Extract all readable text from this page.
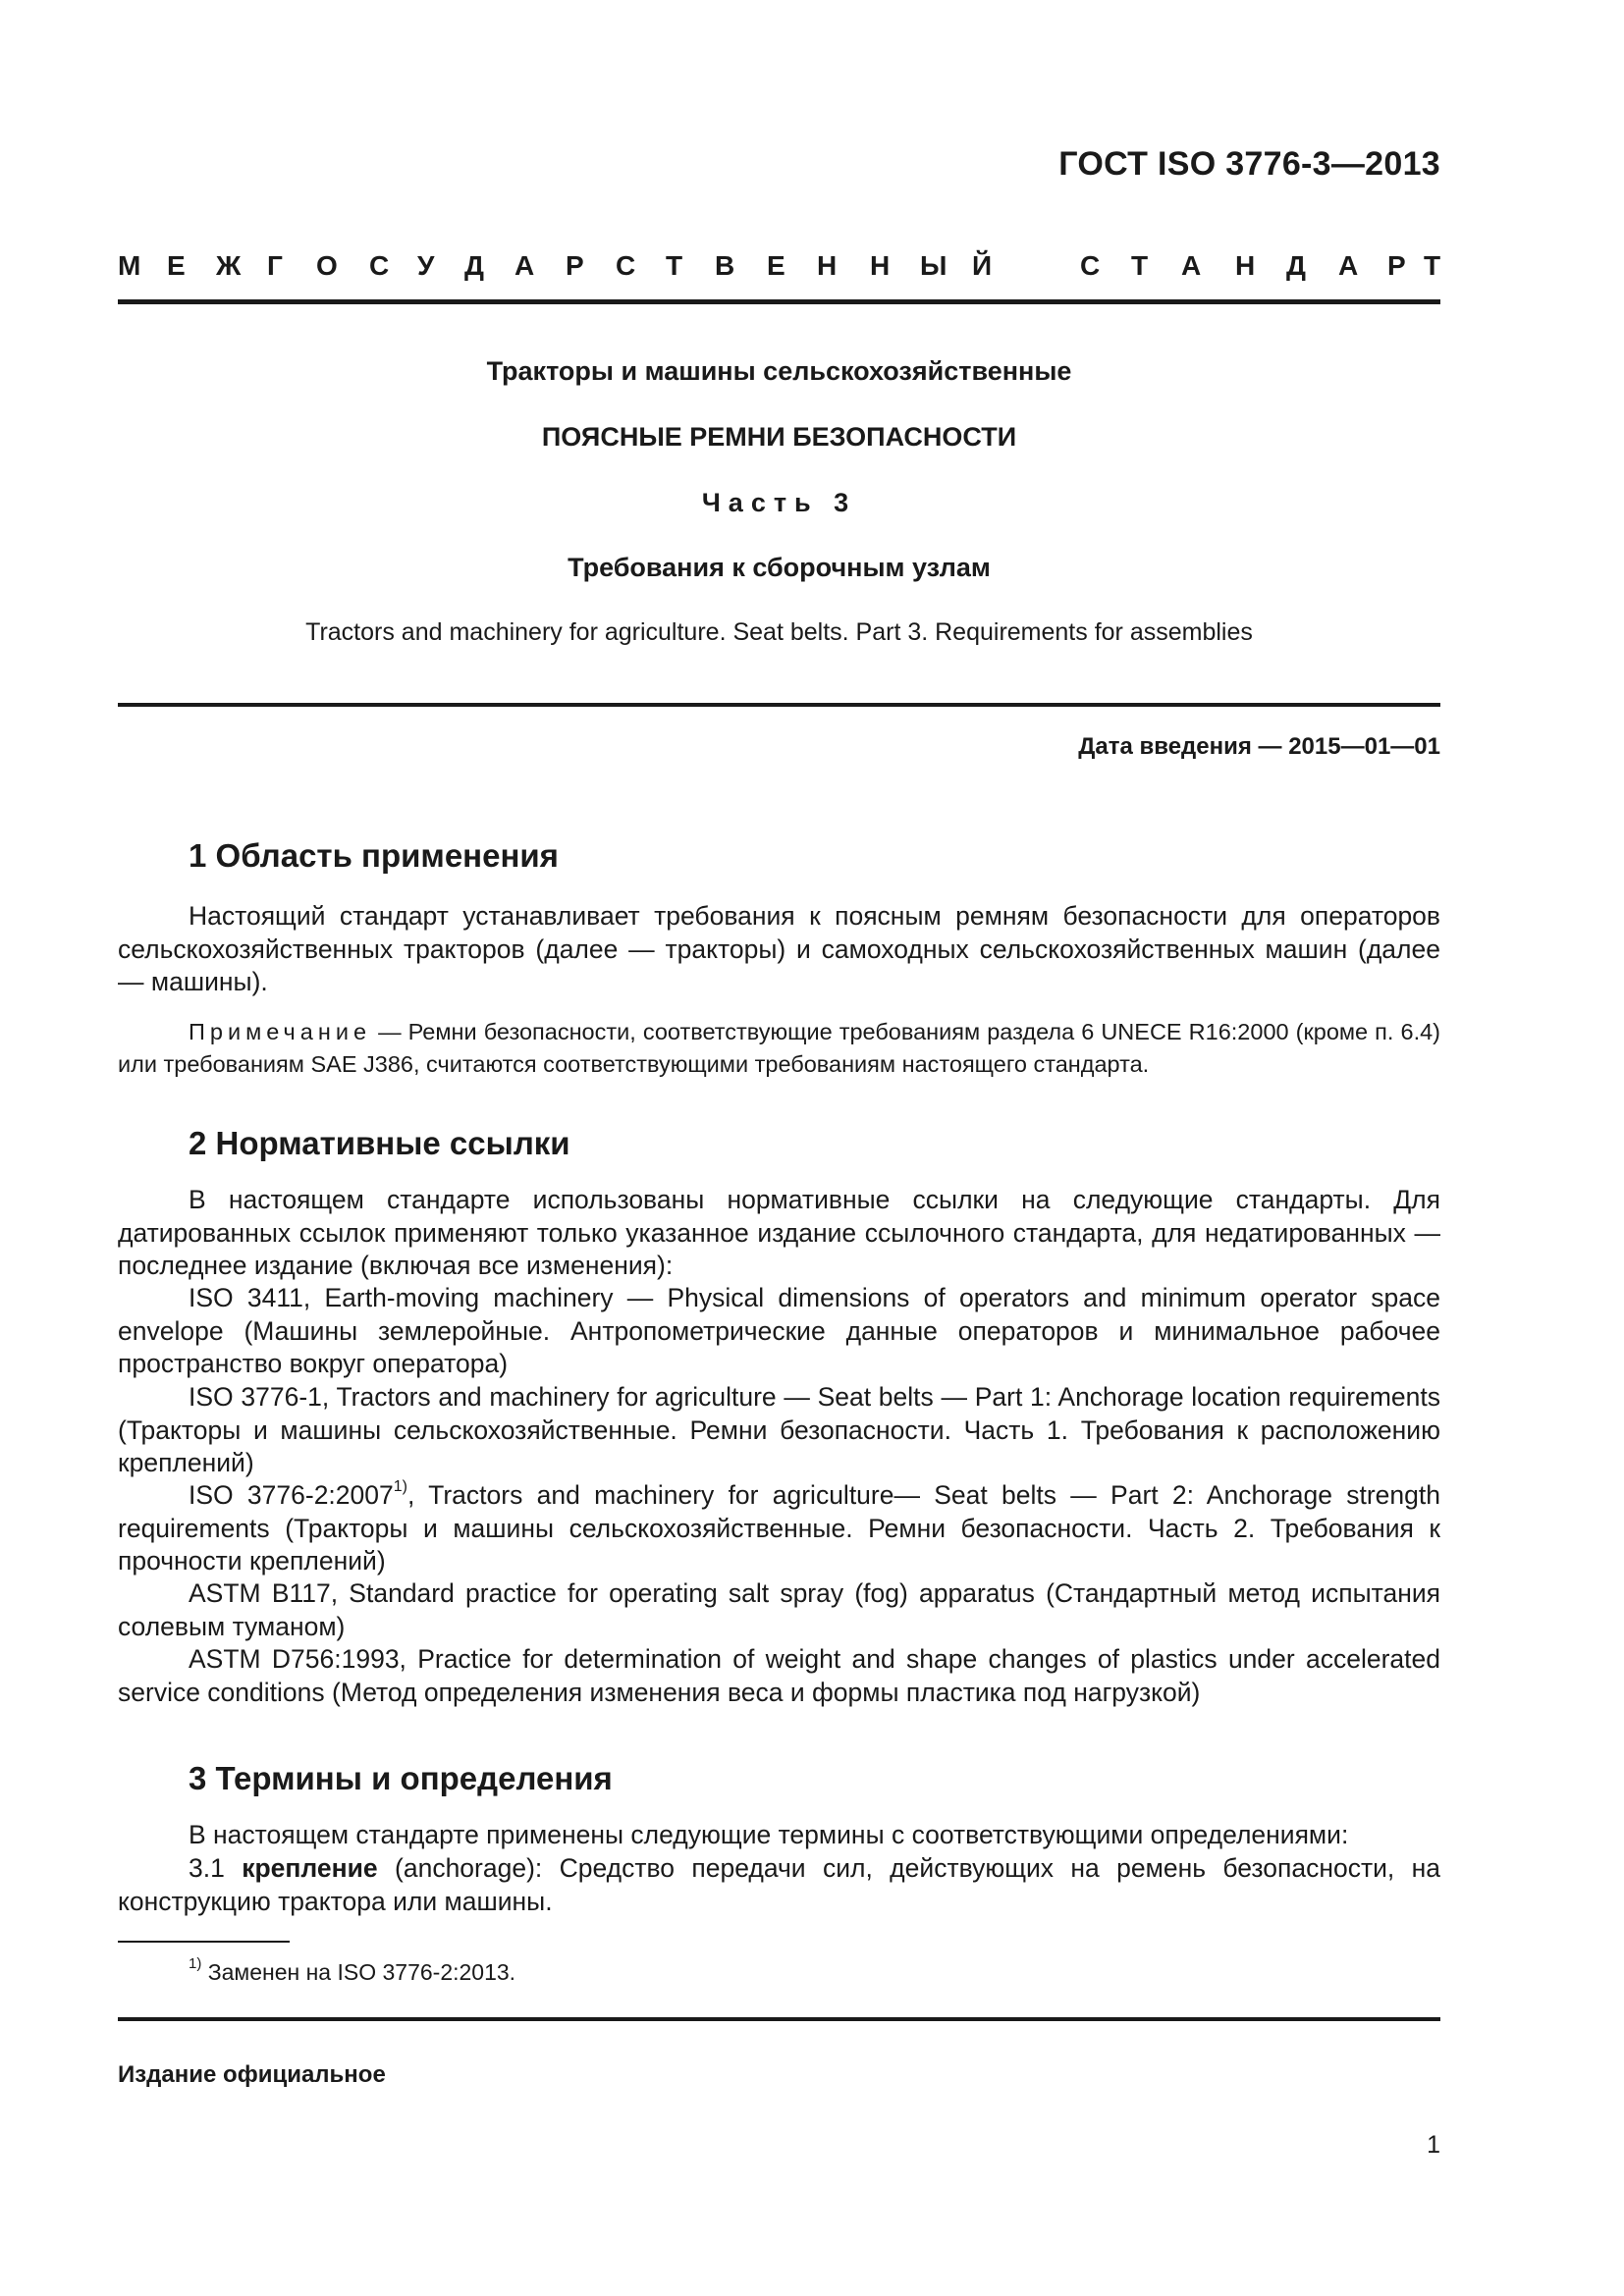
ГОСТ ISO 3776-3—2013
М Е Ж Г О С У Д А Р С Т В Е Н Н Ы Й	С Т А Н Д А Р Т
Тракторы и машины сельскохозяйственные
ПОЯСНЫЕ РЕМНИ БЕЗОПАСНОСТИ
Часть 3
Требования к сборочным узлам
Tractors and machinery for agriculture. Seat belts. Part 3. Requirements for assemblies
Дата введения — 2015—01—01
1 Область применения

Настоящий стандарт устанавливает требования к поясным ремням безопасности для операторов сельскохозяйственных тракторов (далее — тракторы) и самоходных сельскохозяйственных машин (далее — машины).

Примечание — Ремни безопасности, соответствующие требованиям раздела 6 UNECE R16:2000 (кроме п. 6.4) или требованиям SAE J386, считаются соответствующими требованиям настоящего стандарта.

2 Нормативные ссылки

В настоящем стандарте использованы нормативные ссылки на следующие стандарты. Для датированных ссылок применяют только указанное издание ссылочного стандарта, для недатированных — последнее издание (включая все изменения):

ISO 3411, Earth-moving machinery — Physical dimensions of operators and minimum operator space envelope (Машины землеройные. Антропометрические данные операторов и минимальное рабочее пространство вокруг оператора)

ISO 3776-1, Tractors and machinery for agriculture — Seat belts — Part 1: Anchorage location requirements (Тракторы и машины сельскохозяйственные. Ремни безопасности. Часть 1. Требования к расположению креплений)

ISO 3776-2:2007$^{1)}$, Tractors and machinery for agriculture— Seat belts — Part 2: Anchorage strength requirements (Тракторы и машины сельскохозяйственные. Ремни безопасности. Часть 2. Требования к прочности креплений)

ASTM B117, Standard practice for operating salt spray (fog) apparatus (Стандартный метод испытания солевым туманом)

ASTM D756:1993, Practice for determination of weight and shape changes of plastics under accelerated service conditions (Метод определения изменения веса и формы пластика под нагрузкой)

3 Термины и определения

В настоящем стандарте применены следующие термины с соответствующими определениями:

3.1 крепление (anchorage): Средство передачи сил, действующих на ремень безопасности, на конструкцию трактора или машины.

$^{1)}$ Заменен на ISO 3776-2:2013.
Издание официальное
1
